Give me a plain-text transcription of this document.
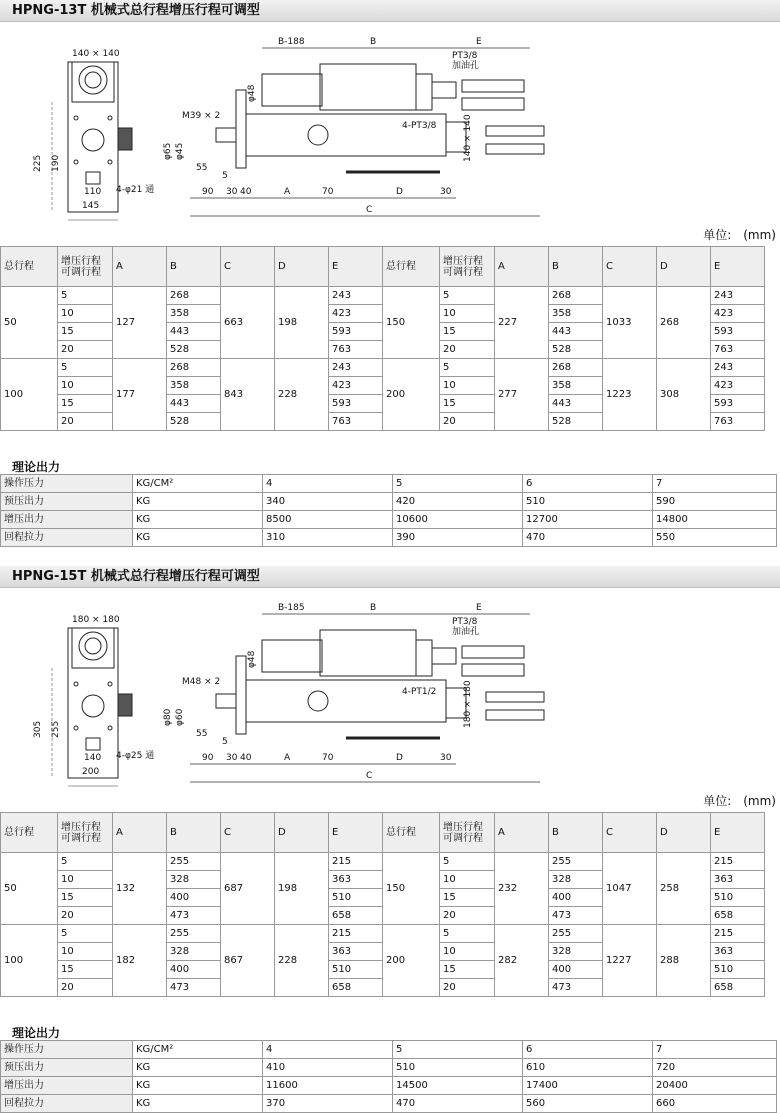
HPNG-13T 机械式总行程增压行程可调型
140 × 140
225 190
110
145
4-φ21 通
M39 × 2
φ65 φ45
φ48
55
5
B-188	B	E
PT3/8
加油孔
4-PT3/8	140 × 140
90 30 40	A	70	D	30
C
单位:　(mm)
总行程	增压行程 可调行程	A	B	C	D	E	总行程	增压行程 可调行程	A	B	C	D	E
50	5	127	268	663	198	243	150	5	227	268	1033	268	243
	10		358			423		10		358			423
	15		443			593		15		443			593
	20		528			763		20		528			763
100	5	177	268	843	228	243	200	5	277	268	1223	308	243
	10		358			423		10		358			423
	15		443			593		15		443			593
	20		528			763		20		528			763
理论出力
操作压力	KG/CM²	4	5	6	7
预压出力	KG	340	420	510	590
增压出力	KG	8500	10600	12700	14800
回程拉力	KG	310	390	470	550
HPNG-15T 机械式总行程增压行程可调型
180 × 180
305 255
140
200
4-φ25 通
M48 × 2
φ80 φ60
φ48
55
5
B-185	B	E
PT3/8
加油孔
4-PT1/2	180 × 180
90 30 40	A	70	D	30
C
单位:　(mm)
总行程	增压行程 可调行程	A	B	C	D	E	总行程	增压行程 可调行程	A	B	C	D	E
50	5	132	255	687	198	215	150	5	232	255	1047	258	215
	10		328			363		10		328			363
	15		400			510		15		400			510
	20		473			658		20		473			658
100	5	182	255	867	228	215	200	5	282	255	1227	288	215
	10		328			363		10		328			363
	15		400			510		15		400			510
	20		473			658		20		473			658
理论出力
操作压力	KG/CM²	4	5	6	7
预压出力	KG	410	510	610	720
增压出力	KG	11600	14500	17400	20400
回程拉力	KG	370	470	560	660
